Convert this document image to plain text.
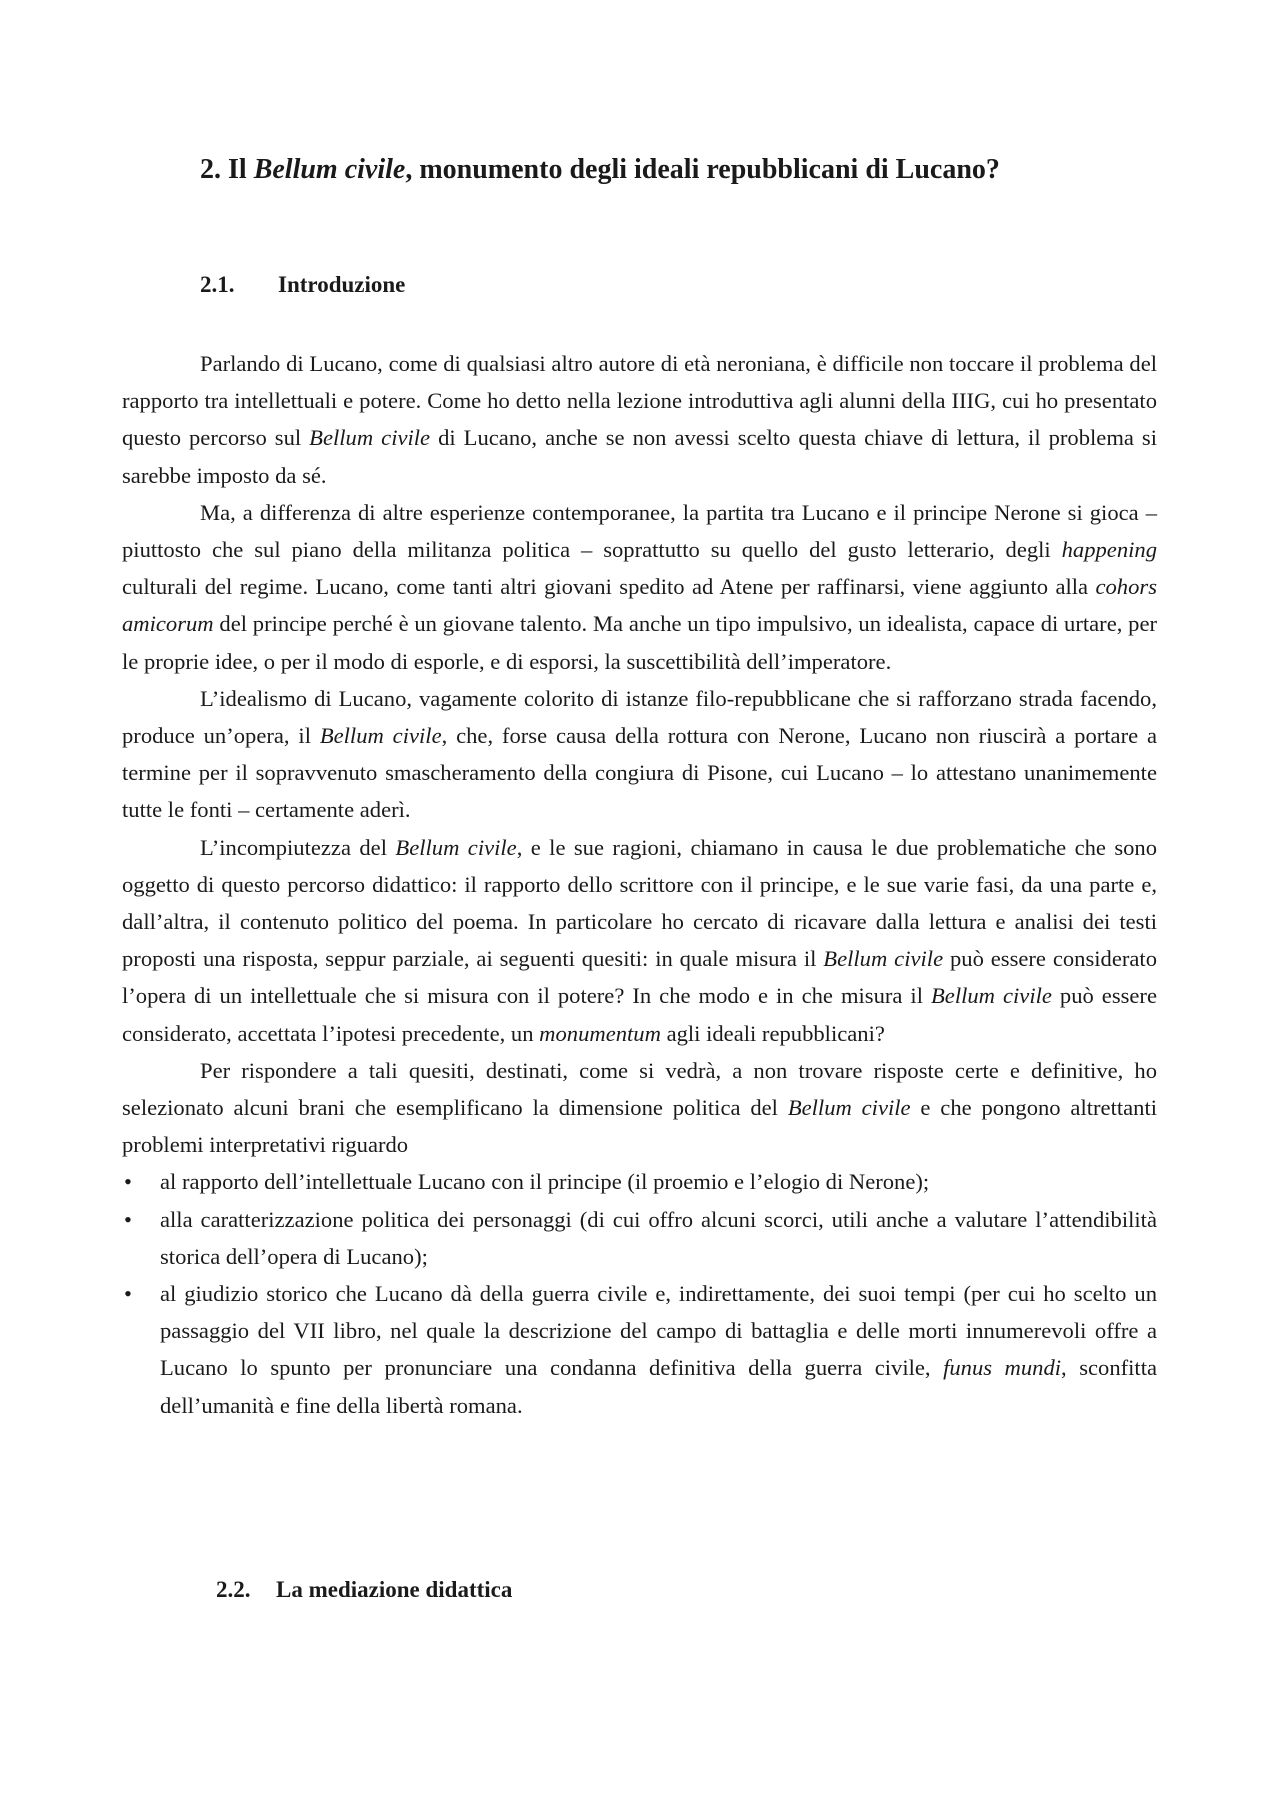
2. Il Bellum civile, monumento degli ideali repubblicani di Lucano?
2.1. Introduzione

Parlando di Lucano, come di qualsiasi altro autore di età neroniana, è difficile non toccare il problema del rapporto tra intellettuali e potere. Come ho detto nella lezione introduttiva agli alunni della IIIG, cui ho presentato questo percorso sul Bellum civile di Lucano, anche se non avessi scelto questa chiave di lettura, il problema si sarebbe imposto da sé.

Ma, a differenza di altre esperienze contemporanee, la partita tra Lucano e il principe Nerone si gioca – piuttosto che sul piano della militanza politica – soprattutto su quello del gusto letterario, degli happening culturali del regime. Lucano, come tanti altri giovani spedito ad Atene per raffinarsi, viene aggiunto alla cohors amicorum del principe perché è un giovane talento. Ma anche un tipo impulsivo, un idealista, capace di urtare, per le proprie idee, o per il modo di esporle, e di esporsi, la suscettibilità dell’imperatore.

L’idealismo di Lucano, vagamente colorito di istanze filo-repubblicane che si rafforzano strada facendo, produce un’opera, il Bellum civile, che, forse causa della rottura con Nerone, Lucano non riuscirà a portare a termine per il sopravvenuto smascheramento della congiura di Pisone, cui Lucano – lo attestano unanimemente tutte le fonti – certamente aderì.

L’incompiutezza del Bellum civile, e le sue ragioni, chiamano in causa le due problematiche che sono oggetto di questo percorso didattico: il rapporto dello scrittore con il principe, e le sue varie fasi, da una parte e, dall’altra, il contenuto politico del poema. In particolare ho cercato di ricavare dalla lettura e analisi dei testi proposti una risposta, seppur parziale, ai seguenti quesiti: in quale misura il Bellum civile può essere considerato l’opera di un intellettuale che si misura con il potere? In che modo e in che misura il Bellum civile può essere considerato, accettata l’ipotesi precedente, un monumentum agli ideali repubblicani?

Per rispondere a tali quesiti, destinati, come si vedrà, a non trovare risposte certe e definitive, ho selezionato alcuni brani che esemplificano la dimensione politica del Bellum civile e che pongono altrettanti problemi interpretativi riguardo

• al rapporto dell’intellettuale Lucano con il principe (il proemio e l’elogio di Nerone);
• alla caratterizzazione politica dei personaggi (di cui offro alcuni scorci, utili anche a valutare l’attendibilità storica dell’opera di Lucano);
• al giudizio storico che Lucano dà della guerra civile e, indirettamente, dei suoi tempi (per cui ho scelto un passaggio del VII libro, nel quale la descrizione del campo di battaglia e delle morti innumerevoli offre a Lucano lo spunto per pronunciare una condanna definitiva della guerra civile, funus mundi, sconfitta dell’umanità e fine della libertà romana.
2.2. La mediazione didattica
